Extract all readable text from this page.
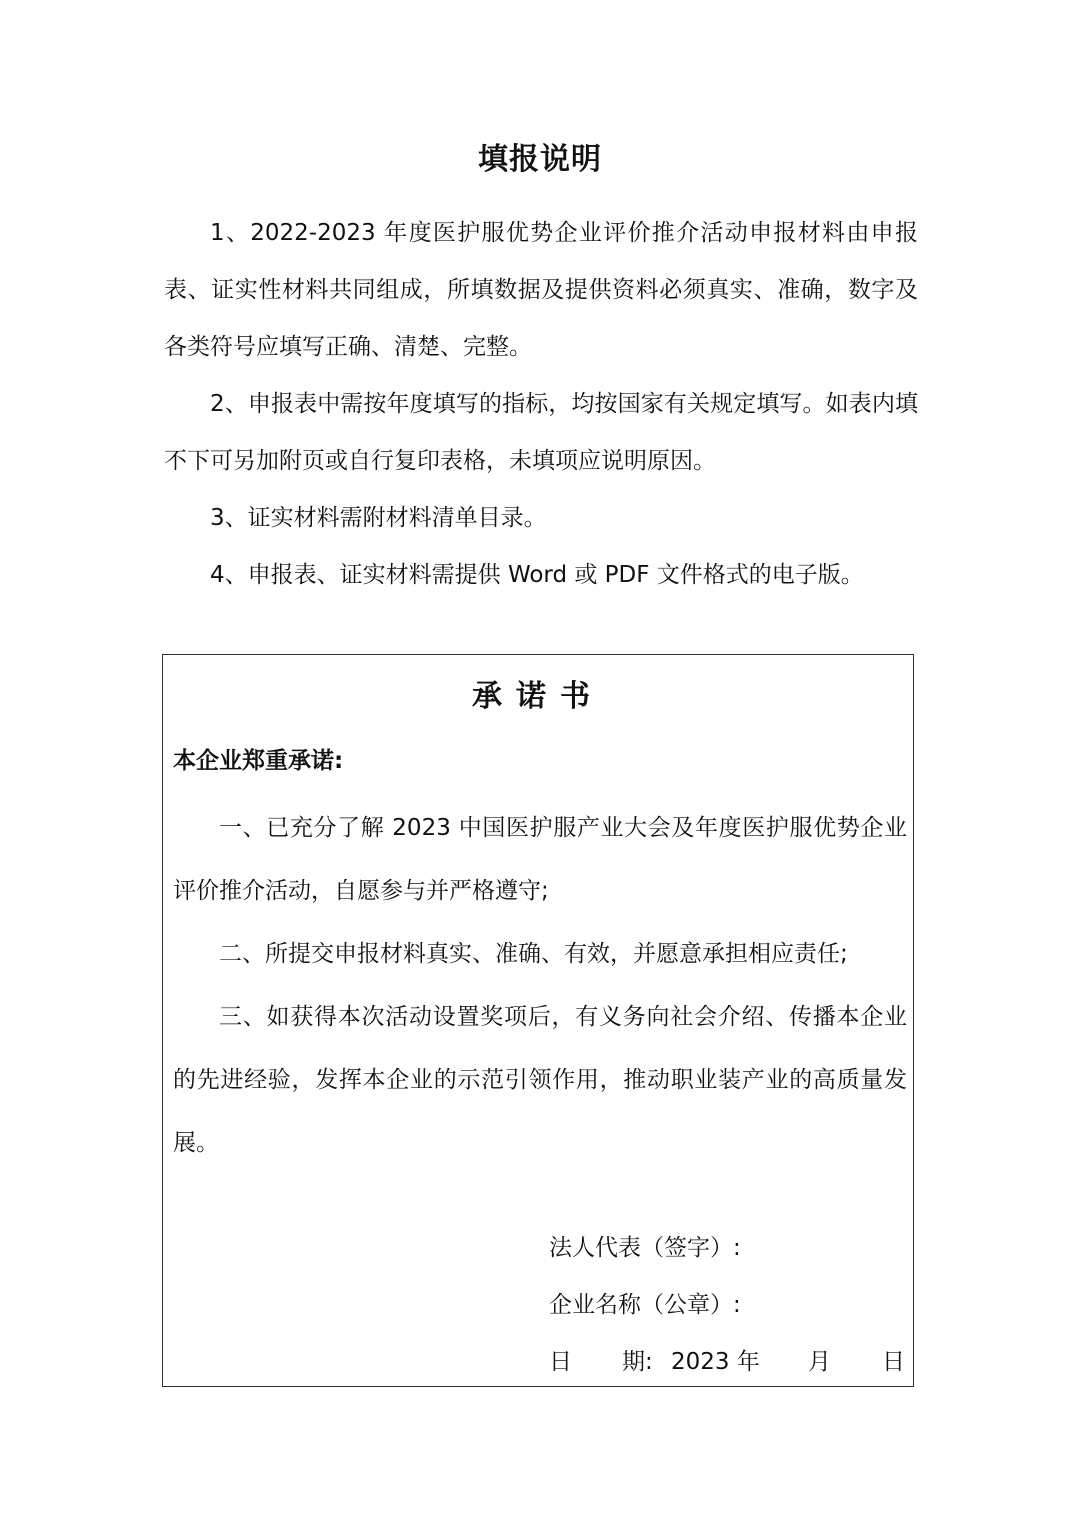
填报说明

1、2022-2023 年度医护服优势企业评价推介活动申报材料由申报表、证实性材料共同组成，所填数据及提供资料必须真实、准确，数字及各类符号应填写正确、清楚、完整。

2、申报表中需按年度填写的指标，均按国家有关规定填写。如表内填不下可另加附页或自行复印表格，未填项应说明原因。

3、证实材料需附材料清单目录。

4、申报表、证实材料需提供 Word 或 PDF 文件格式的电子版。

承诺书
本企业郑重承诺:

一、已充分了解 2023 中国医护服产业大会及年度医护服优势企业评价推介活动，自愿参与并严格遵守;

二、所提交申报材料真实、准确、有效，并愿意承担相应责任;

三、如获得本次活动设置奖项后，有义务向社会介绍、传播本企业的先进经验，发挥本企业的示范引领作用，推动职业装产业的高质量发展。

法人代表（签字）:
企业名称（公章）:
日 期: 2023 年 月 日
